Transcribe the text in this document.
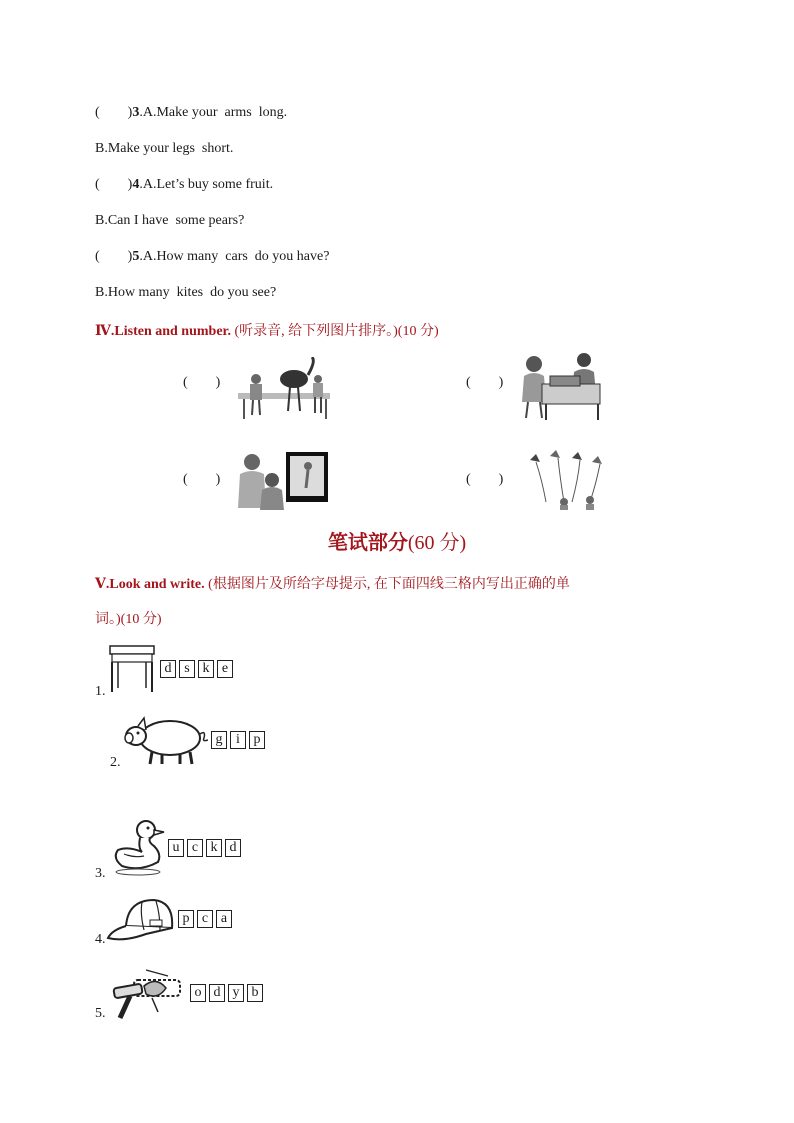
(        )3.A.Make your  arms  long.
B.Make your legs  short.
(        )4.A.Let’s buy some fruit.
B.Can I have  some pears?
(        )5.A.How many  cars  do you have?
B.How many  kites  do you see?
Ⅳ.Listen and number. (听录音, 给下列图片排序。)(10 分)
(        )	(        )
(        )	(        )
笔试部分(60 分)
Ⅴ.Look and write. (根据图片及所给字母提示, 在下面四线三格内写出正确的单
词。)(10 分)
1.
d s k e
2.
g i p
3.
u c k d
4.
p c a
5.
o d y b
